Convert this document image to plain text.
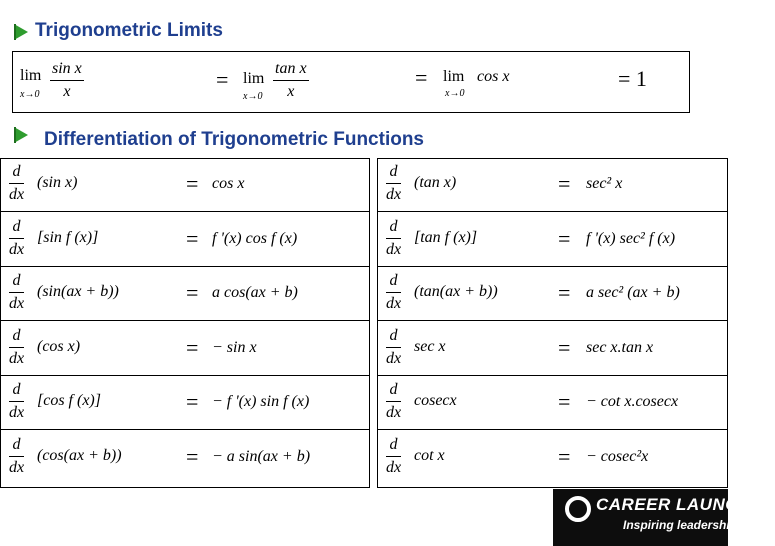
Trigonometric Limits
lim
x→0
sin x
x	= lim
x→0
tan x
x
= lim
x→0
cos x	= 1
Differentiation of Trigonometric Functions
d
dx
(sin x)	= cos x
d
dx
[sin f (x)]	= f '(x) cos f (x)
d
dx
(sin(ax + b))	= a cos(ax + b)
d
dx
(cos x)	= − sin x
d
dx
[cos f (x)]	= − f '(x) sin f (x)
d
dx
(cos(ax + b))	= − a sin(ax + b)
d
dx
(tan x)	= sec² x
d
dx
[tan f (x)]	= f '(x) sec² f (x)
d
dx
(tan(ax + b))	= a sec² (ax + b)
d
dx
sec x	= sec x.tan x
d
dx
cosecx	= − cot x.cosecx
d
dx
cot x	= − cosec²x
CAREER LAUNCHER
Inspiring leadership
